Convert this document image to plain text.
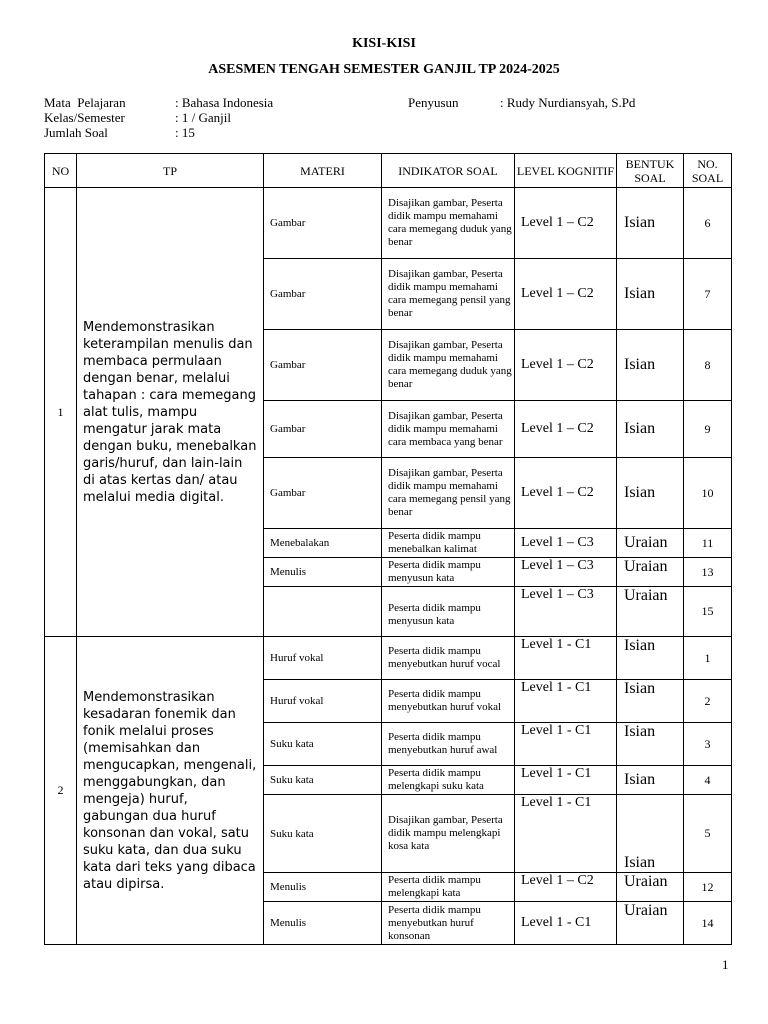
KISI-KISI
ASESMEN TENGAH SEMESTER GANJIL TP 2024-2025
Mata  Pelajaran	: Bahasa Indonesia
Kelas/Semester	: 1 / Ganjil
Jumlah Soal	: 15
Penyusun	: Rudy Nurdiansyah, S.Pd
NO	TP	MATERI	INDIKATOR SOAL	LEVEL KOGNITIF	BENTUK SOAL	NO. SOAL
1	Mendemonstrasikan keterampilan menulis dan membaca permulaan dengan benar, melalui tahapan : cara memegang alat tulis, mampu mengatur jarak mata dengan buku, menebalkan garis/huruf, dan lain-lain di atas kertas dan/ atau melalui media digital.	Gambar	Disajikan gambar, Peserta didik mampu memahami cara memegang duduk yang benar	Level 1 – C2	Isian	6
		Gambar	Disajikan gambar, Peserta didik mampu memahami cara memegang pensil yang benar	Level 1 – C2	Isian	7
		Gambar	Disajikan gambar, Peserta didik mampu memahami cara memegang duduk yang benar	Level 1 – C2	Isian	8
		Gambar	Disajikan gambar, Peserta didik mampu memahami cara membaca yang benar	Level 1 – C2	Isian	9
		Gambar	Disajikan gambar, Peserta didik mampu memahami cara memegang pensil yang benar	Level 1 – C2	Isian	10
		Menebalakan	Peserta didik mampu menebalkan kalimat	Level 1 – C3	Uraian	11
		Menulis	Peserta didik mampu menyusun kata	Level 1 – C3	Uraian	13
			Peserta didik mampu menyusun kata	Level 1 – C3	Uraian	15
2	Mendemonstrasikan kesadaran fonemik dan fonik melalui proses (memisahkan dan mengucapkan, mengenali, menggabungkan, dan mengeja) huruf, gabungan dua huruf konsonan dan vokal, satu suku kata, dan dua suku kata dari teks yang dibaca atau dipirsa.	Huruf vokal	Peserta didik mampu menyebutkan huruf vocal	Level 1 - C1	Isian	1
		Huruf vokal	Peserta didik mampu menyebutkan huruf vokal	Level 1 - C1	Isian	2
		Suku kata	Peserta didik mampu menyebutkan huruf awal	Level 1 - C1	Isian	3
		Suku kata	Peserta didik mampu melengkapi suku kata	Level 1 - C1	Isian	4
		Suku kata	Disajikan gambar, Peserta didik mampu melengkapi kosa kata	Level 1 - C1	Isian	5
		Menulis	Peserta didik mampu melengkapi kata	Level 1 – C2	Uraian	12
		Menulis	Peserta didik mampu menyebutkan huruf konsonan	Level 1 - C1	Uraian	14
1
